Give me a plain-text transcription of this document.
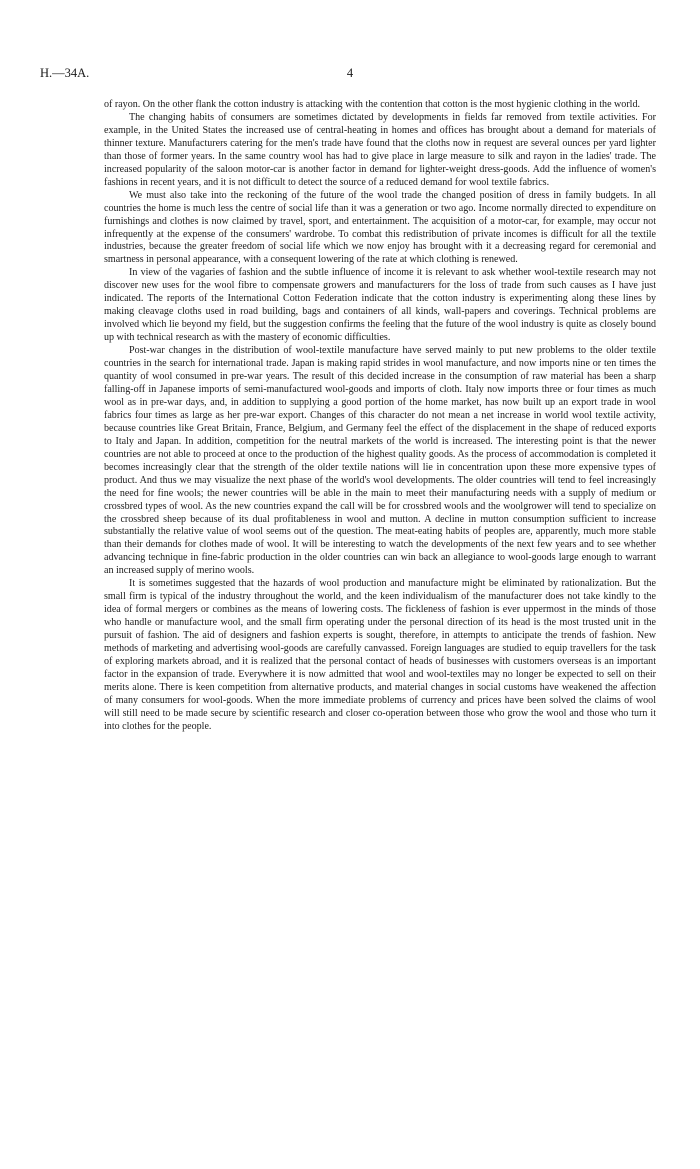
H.—34A.	4

of rayon. On the other flank the cotton industry is attacking with the contention that cotton is the most hygienic clothing in the world.

The changing habits of consumers are sometimes dictated by developments in fields far removed from textile activities. For example, in the United States the increased use of central-heating in homes and offices has brought about a demand for materials of thinner texture. Manufacturers catering for the men's trade have found that the cloths now in request are several ounces per yard lighter than those of former years. In the same country wool has had to give place in large measure to silk and rayon in the ladies' trade. The increased popularity of the saloon motor-car is another factor in demand for lighter-weight dress-goods. Add the influence of women's fashions in recent years, and it is not difficult to detect the source of a reduced demand for wool textile fabrics.

We must also take into the reckoning of the future of the wool trade the changed position of dress in family budgets. In all countries the home is much less the centre of social life than it was a generation or two ago. Income normally directed to expenditure on furnishings and clothes is now claimed by travel, sport, and entertainment. The acquisition of a motor-car, for example, may occur not infrequently at the expense of the consumers' wardrobe. To combat this redistribution of private incomes is difficult for all the textile industries, because the greater freedom of social life which we now enjoy has brought with it a decreasing regard for ceremonial and smartness in personal appearance, with a consequent lowering of the rate at which clothing is renewed.

In view of the vagaries of fashion and the subtle influence of income it is relevant to ask whether wool-textile research may not discover new uses for the wool fibre to compensate growers and manufacturers for the loss of trade from such causes as I have just indicated. The reports of the International Cotton Federation indicate that the cotton industry is experimenting along these lines by making cleavage cloths used in road building, bags and containers of all kinds, wall-papers and coverings. Technical problems are involved which lie beyond my field, but the suggestion confirms the feeling that the future of the wool industry is quite as closely bound up with technical research as with the mastery of economic difficulties.

Post-war changes in the distribution of wool-textile manufacture have served mainly to put new problems to the older textile countries in the search for international trade. Japan is making rapid strides in wool manufacture, and now imports nine or ten times the quantity of wool consumed in pre-war years. The result of this decided increase in the consumption of raw material has been a sharp falling-off in Japanese imports of semi-manufactured wool-goods and imports of cloth. Italy now imports three or four times as much wool as in pre-war days, and, in addition to supplying a good portion of the home market, has now built up an export trade in wool fabrics four times as large as her pre-war export. Changes of this character do not mean a net increase in world wool textile activity, because countries like Great Britain, France, Belgium, and Germany feel the effect of the displacement in the shape of reduced exports to Italy and Japan. In addition, competition for the neutral markets of the world is increased. The interesting point is that the newer countries are not able to proceed at once to the production of the highest quality goods. As the process of accommodation is completed it becomes increasingly clear that the strength of the older textile nations will lie in concentration upon these more expensive types of product. And thus we may visualize the next phase of the world's wool developments. The older countries will tend to feel increasingly the need for fine wools; the newer countries will be able in the main to meet their manufacturing needs with a supply of medium or crossbred types of wool. As the new countries expand the call will be for crossbred wools and the woolgrower will tend to specialize on the crossbred sheep because of its dual profitableness in wool and mutton. A decline in mutton consumption sufficient to increase substantially the relative value of wool seems out of the question. The meat-eating habits of peoples are, apparently, much more stable than their demands for clothes made of wool. It will be interesting to watch the developments of the next few years and to see whether advancing technique in fine-fabric production in the older countries can win back an allegiance to wool-goods large enough to warrant an increased supply of merino wools.

It is sometimes suggested that the hazards of wool production and manufacture might be eliminated by rationalization. But the small firm is typical of the industry throughout the world, and the keen individualism of the manufacturer does not take kindly to the idea of formal mergers or combines as the means of lowering costs. The fickleness of fashion is ever uppermost in the minds of those who handle or manufacture wool, and the small firm operating under the personal direction of its head is the most trusted unit in the pursuit of fashion. The aid of designers and fashion experts is sought, therefore, in attempts to anticipate the trends of fashion. New methods of marketing and advertising wool-goods are carefully canvassed. Foreign languages are studied to equip travellers for the task of exploring markets abroad, and it is realized that the personal contact of heads of businesses with customers overseas is an important factor in the expansion of trade. Everywhere it is now admitted that wool and wool-textiles may no longer be expected to sell on their merits alone. There is keen competition from alternative products, and material changes in social customs have weakened the affection of many consumers for wool-goods. When the more immediate problems of currency and prices have been solved the claims of wool will still need to be made secure by scientific research and closer co-operation between those who grow the wool and those who turn it into clothes for the people.
